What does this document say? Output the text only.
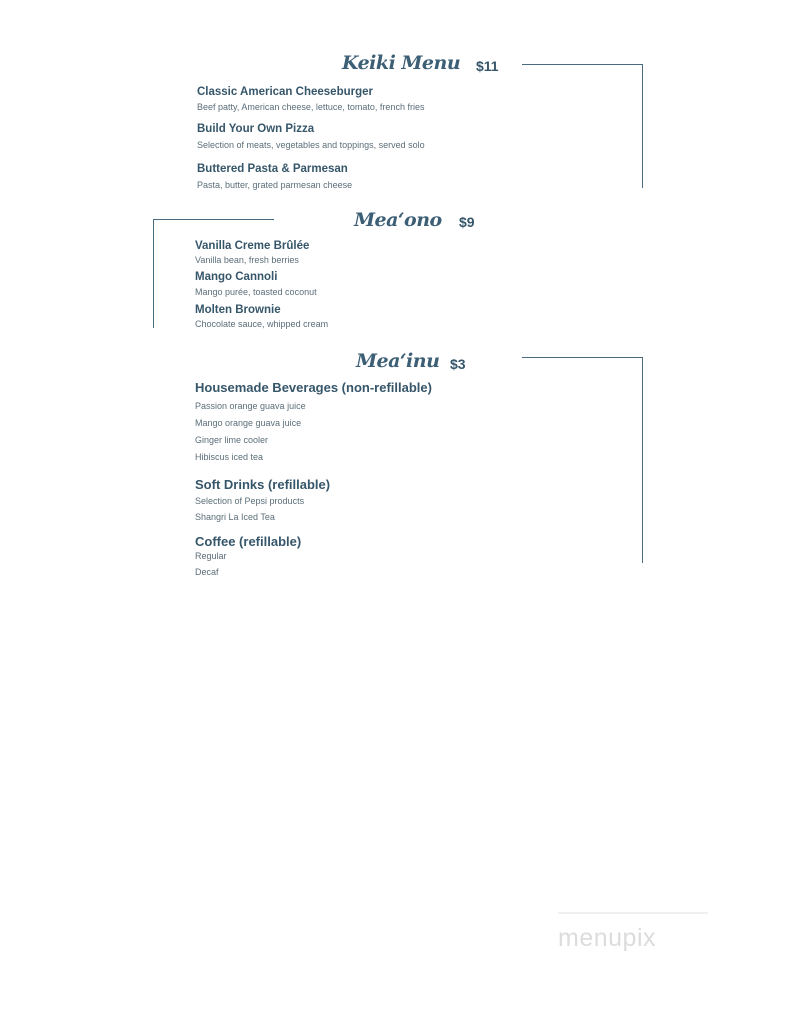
Keiki Menu $11
Classic American Cheeseburger
Beef patty, American cheese, lettuce, tomato, french fries
Build Your Own Pizza
Selection of meats, vegetables and toppings, served solo
Buttered Pasta & Parmesan
Pasta, butter, grated parmesan cheese
Mea‘ono $9
Vanilla Creme Brûlée
Vanilla bean, fresh berries
Mango Cannoli
Mango purée, toasted coconut
Molten Brownie
Chocolate sauce, whipped cream
Mea‘inu $3
Housemade Beverages (non-refillable)
Passion orange guava juice
Mango orange guava juice
Ginger lime cooler
Hibiscus iced tea
Soft Drinks (refillable)
Selection of Pepsi products
Shangri La Iced Tea
Coffee (refillable)
Regular
Decaf
menupix
